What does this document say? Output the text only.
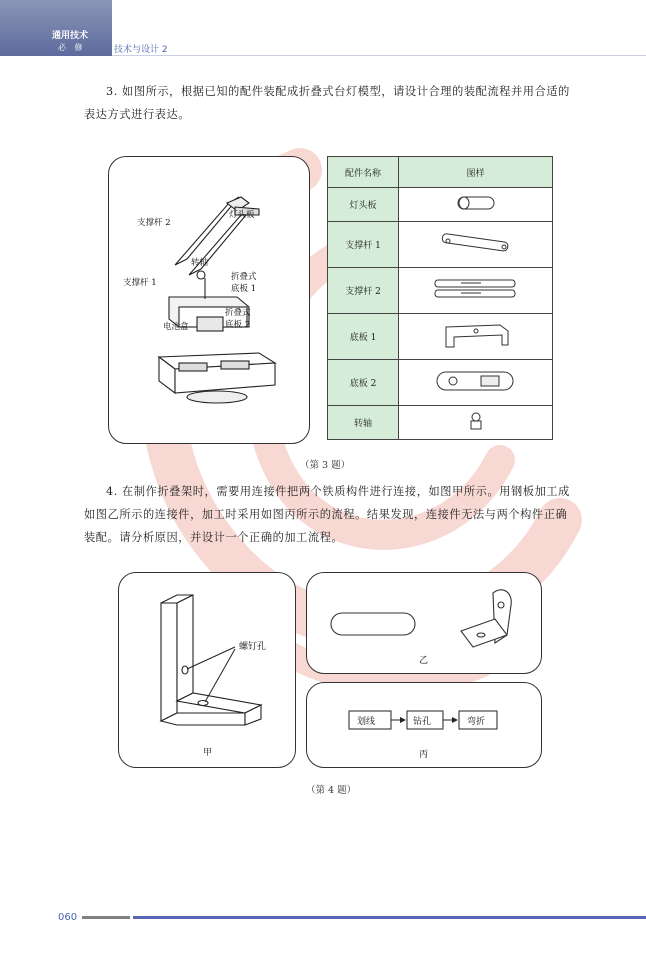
通用技术
必 修	技术与设计 2
3. 如图所示，根据已知的配件装配成折叠式台灯模型，请设计合理的装配流程并用合适的表达方式进行表达。
灯头板
支撑杆 2
支撑杆 1
转轴
折叠式
底板 1
电池盒
折叠式
底板 2
配件名称	图样
灯头板	
支撑杆 1	
支撑杆 2	
底板 1	
底板 2	
转轴	
（第 3 题）
4. 在制作折叠架时，需要用连接件把两个铁质构件进行连接，如图甲所示。用钢板加工成如图乙所示的连接件，加工时采用如图丙所示的流程。结果发现，连接件无法与两个构件正确装配。请分析原因，并设计一个正确的加工流程。
螺钉孔
甲
乙
划线	钻孔	弯折
丙
（第 4 题）
060
